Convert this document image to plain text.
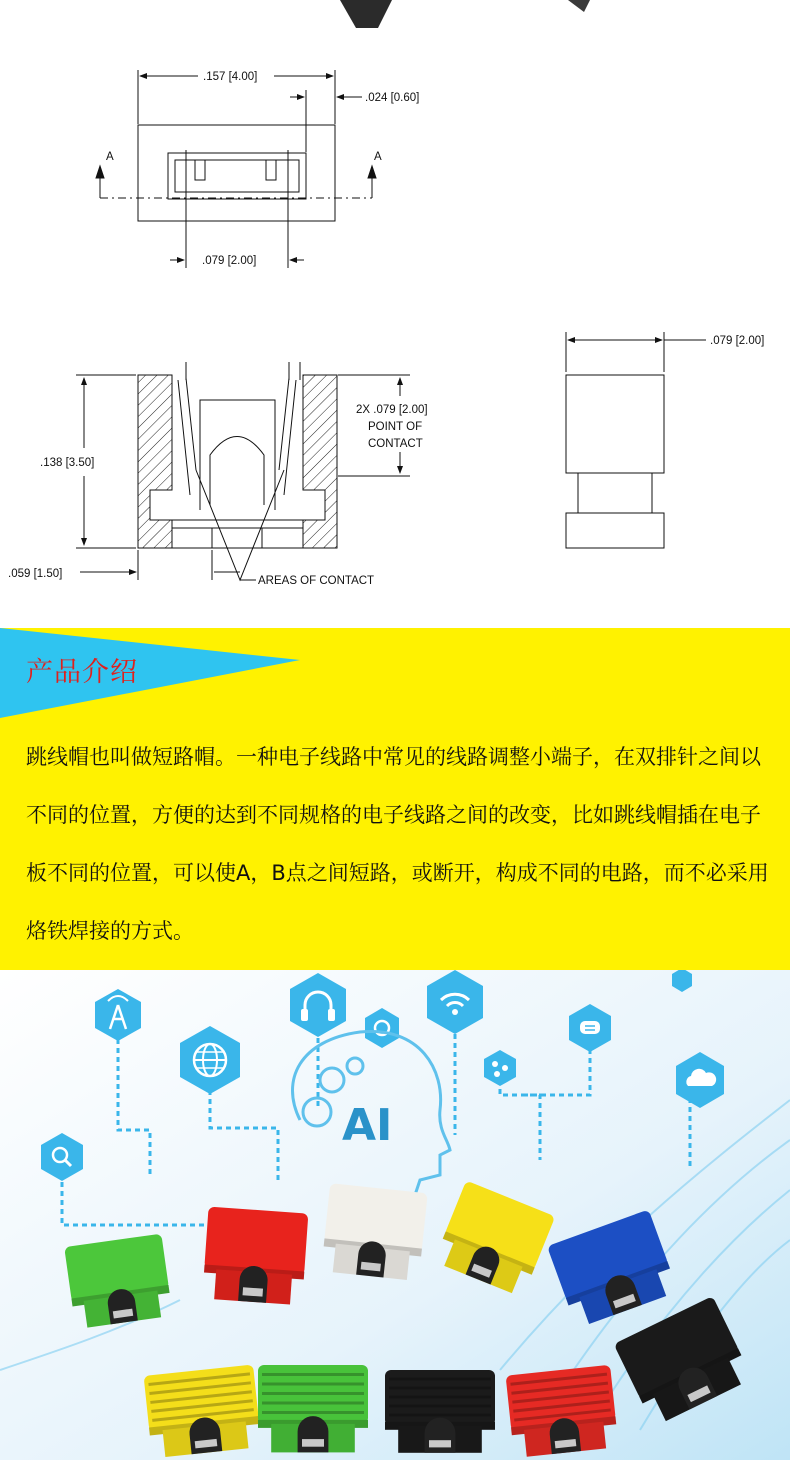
.157 [4.00]
.024 [0.60]
.079 [2.00]
A	A
.138 [3.50]
2X .079 [2.00]
POINT OF
CONTACT
.059 [1.50]
AREAS OF CONTACT
.079 [2.00]
产品介绍
跳线帽也叫做短路帽。一种电子线路中常见的线路调整小端子，在双排针之间以不同的位置，方便的达到不同规格的电子线路之间的改变，比如跳线帽插在电子板不同的位置，可以使A，B点之间短路，或断开，构成不同的电路，而不必采用烙铁焊接的方式。
AI
